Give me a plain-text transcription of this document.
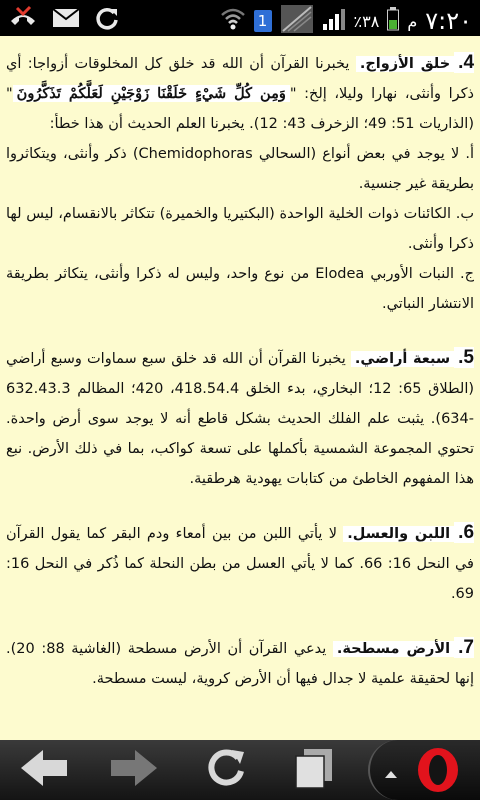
1	٣٨٪ م ٧:٢٠
4.خلق الأزواج. يخبرنا القرآن أن الله قد خلق كل المخلوقات أزواجا: أي ذكرا وأنثى، نهارا وليلا، إلخ: "وَمِن كُلِّ شَيْءٍ خَلَقْنَا زَوْجَيْنِ لَعَلَّكُمْ تَذَكَّرُونَ" (الذاريات 51: 49؛ الزخرف 43: 12). يخبرنا العلم الحديث أن هذا خطأ:
أ. لا يوجد في بعض أنواع (السحالي Chemidophoras) ذكر وأنثى، ويتكاثروا بطريقة غير جنسية.
ب. الكائنات ذوات الخلية الواحدة (البكتيريا والخميرة) تتكاثر بالانقسام، ليس لها ذكرا وأنثى.
ج. النبات الأوربي Elodea من نوع واحد، وليس له ذكرا وأنثى، يتكاثر بطريقة الانتشار النباتي.
5.سبعة أراضي. يخبرنا القرآن أن الله قد خلق سبع سماوات وسبع أراضي (الطلاق 65: 12؛ البخاري، بدء الخلق 418.54.4، 420؛ المظالم 632.43.3 -634). يثبت علم الفلك الحديث بشكل قاطع أنه لا يوجد سوى أرض واحدة. تحتوي المجموعة الشمسية بأكملها على تسعة كواكب، بما في ذلك الأرض. نبع هذا المفهوم الخاطئ من كتابات يهودية هرطقية.
6.اللبن والعسل. لا يأتي اللبن من بين أمعاء ودم البقر كما يقول القرآن في النحل 16: 66. كما لا يأتي العسل من بطن النحلة كما ذُكر في النحل 16: 69.
7.الأرض مسطحة. يدعي القرآن أن الأرض مسطحة (الغاشية 88: 20). إنها لحقيقة علمية لا جدال فيها أن الأرض كروية، ليست مسطحة.
